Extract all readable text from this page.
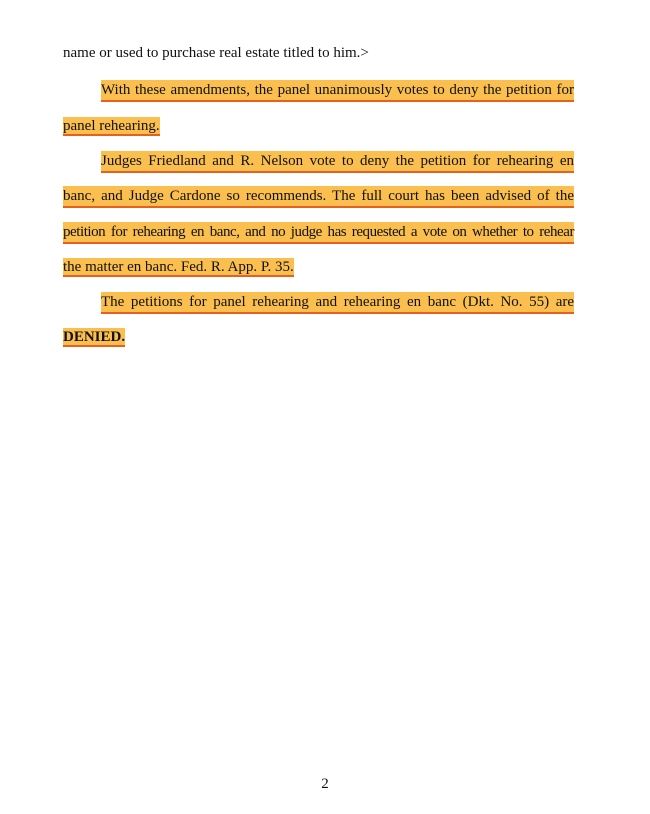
name or used to purchase real estate titled to him.>
With these amendments, the panel unanimously votes to deny the petition for
panel rehearing.
Judges Friedland and R. Nelson vote to deny the petition for rehearing en
banc, and Judge Cardone so recommends. The full court has been advised of the
petition for rehearing en banc, and no judge has requested a vote on whether to rehear
the matter en banc. Fed. R. App. P. 35.
The petitions for panel rehearing and rehearing en banc (Dkt. No. 55) are
DENIED.
2
